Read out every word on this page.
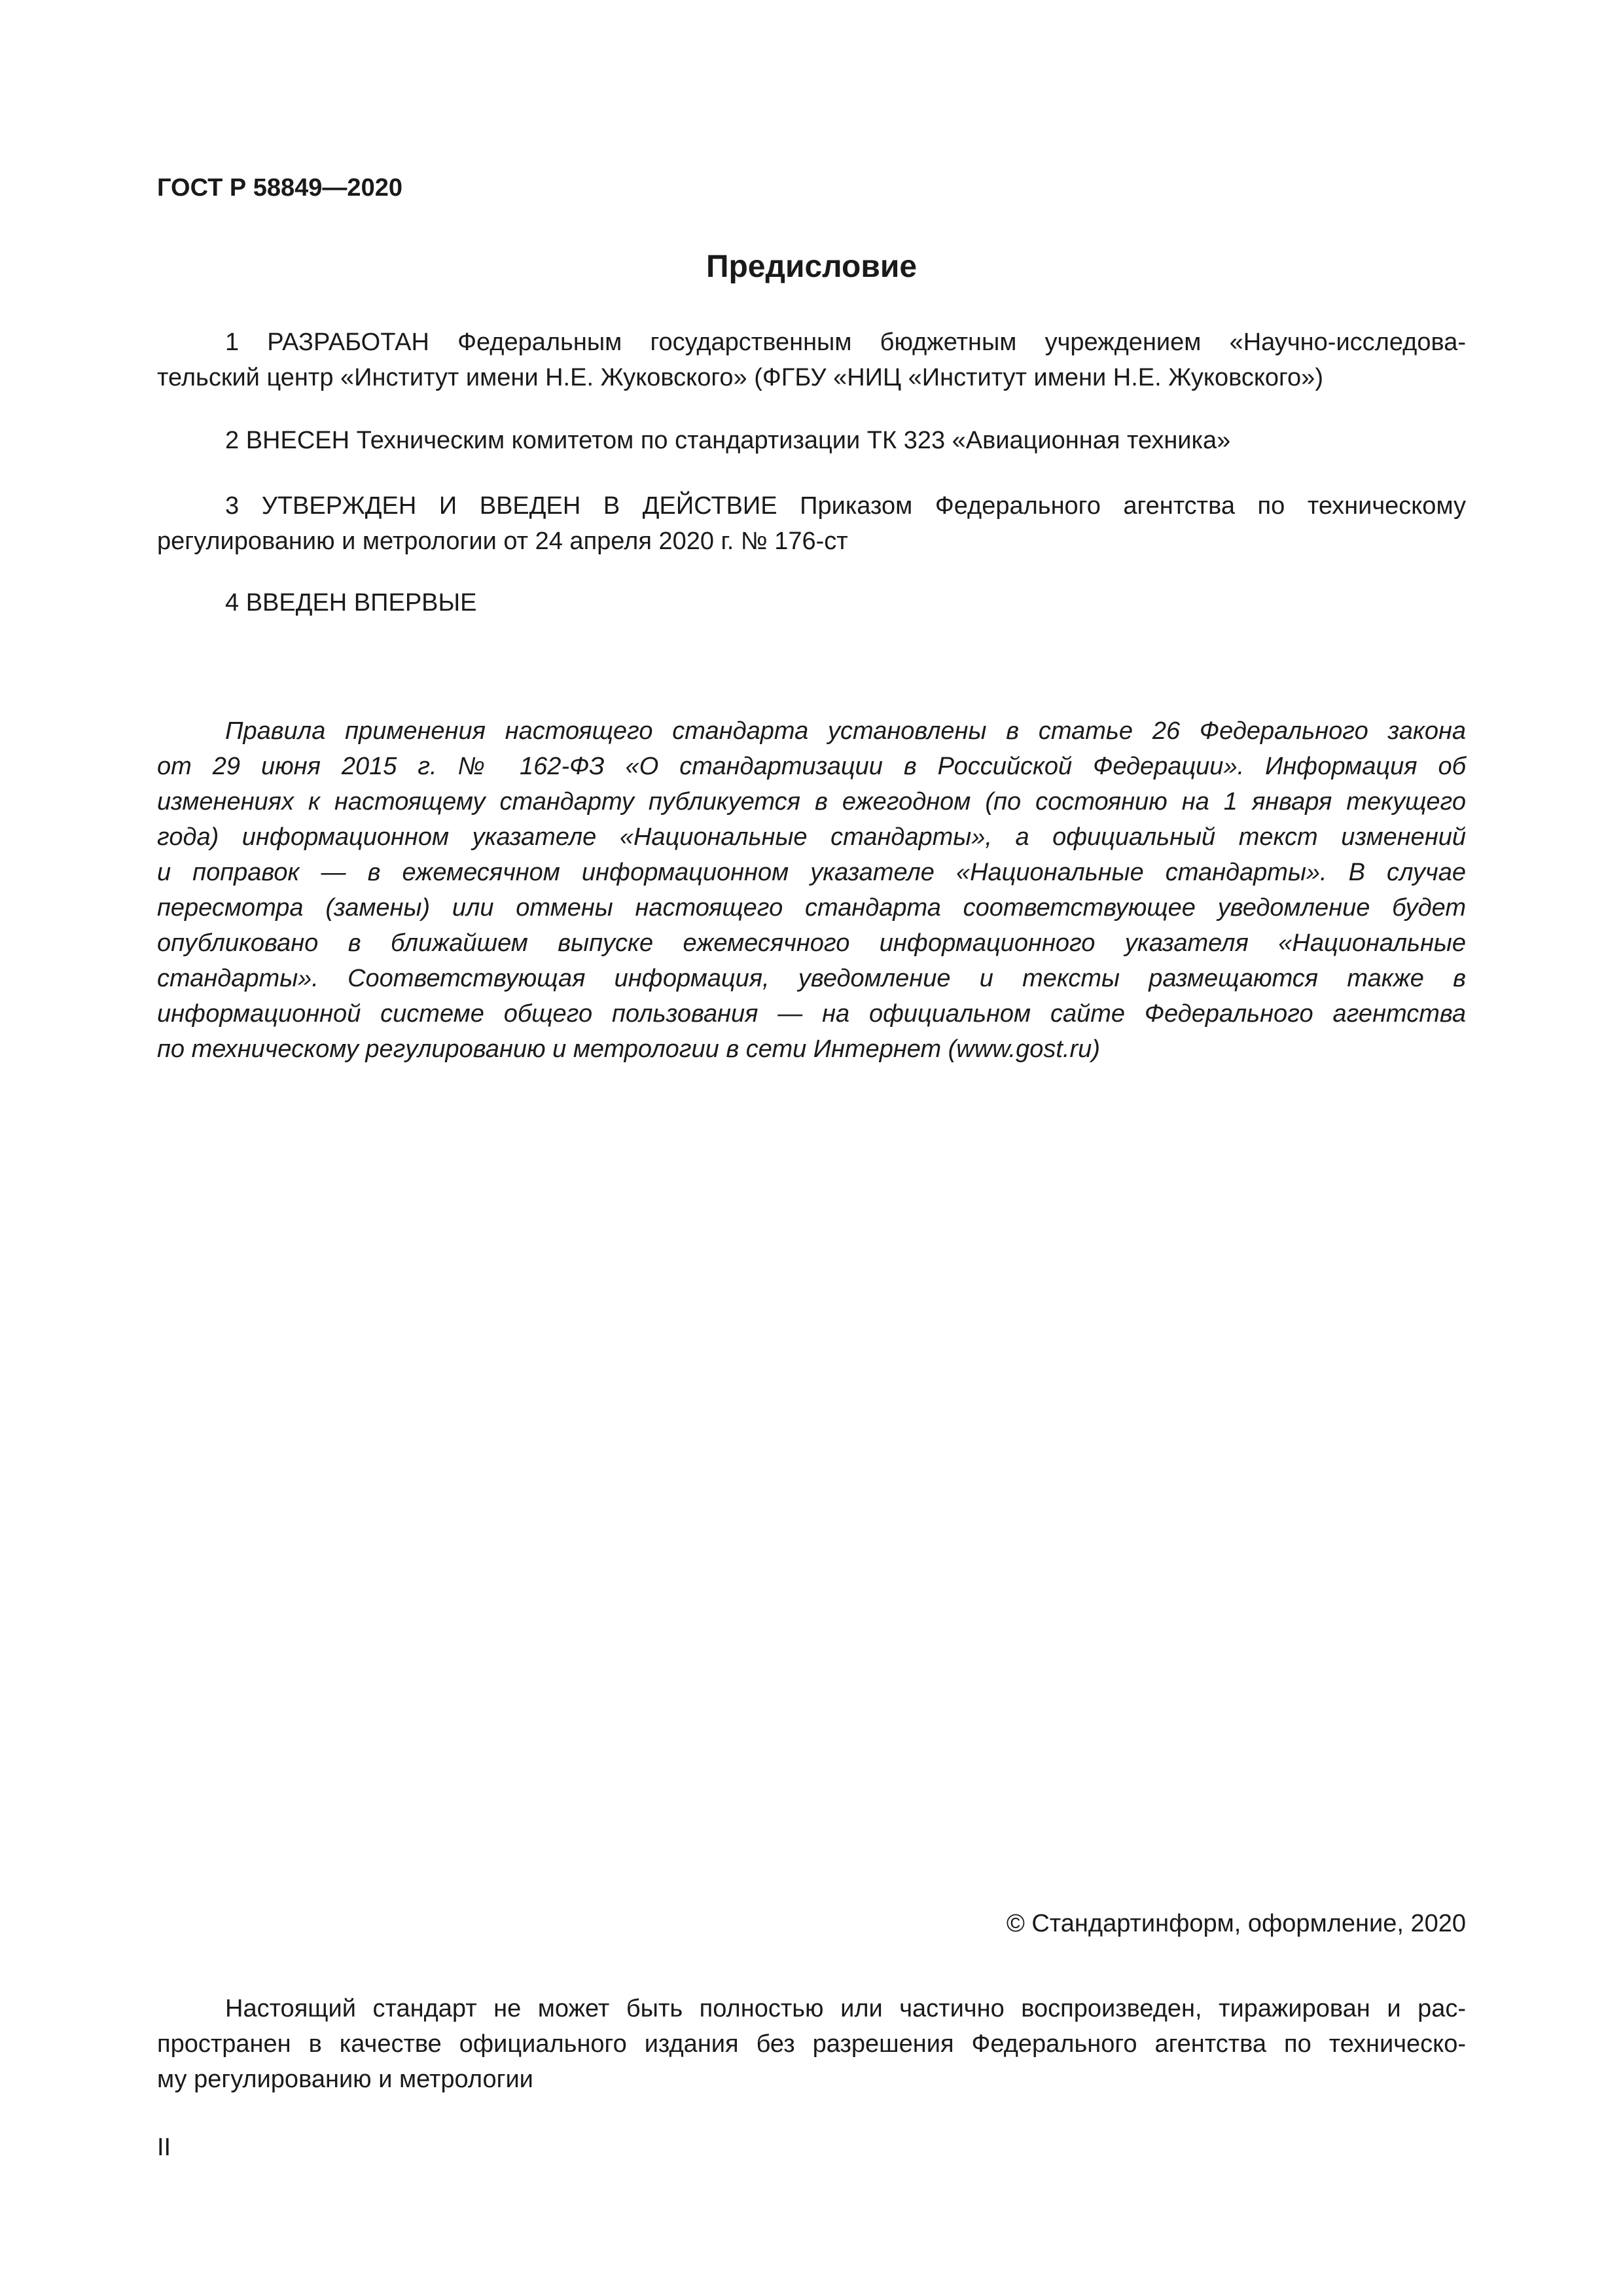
ГОСТ Р 58849—2020
Предисловие
1 РАЗРАБОТАН Федеральным государственным бюджетным учреждением «Научно-исследова-
тельский центр «Институт имени Н.Е. Жуковского» (ФГБУ «НИЦ «Институт имени Н.Е. Жуковского»)
2 ВНЕСЕН Техническим комитетом по стандартизации ТК 323 «Авиационная техника»
3 УТВЕРЖДЕН И ВВЕДЕН В ДЕЙСТВИЕ Приказом Федерального агентства по техническому
регулированию и метрологии от 24 апреля 2020 г. № 176-ст
4 ВВЕДЕН ВПЕРВЫЕ
Правила применения настоящего стандарта установлены в статье 26 Федерального закона
от 29 июня 2015 г. № 162-ФЗ «О стандартизации в Российской Федерации». Информация об
изменениях к настоящему стандарту публикуется в ежегодном (по состоянию на 1 января текущего
года) информационном указателе «Национальные стандарты», а официальный текст изменений
и поправок — в ежемесячном информационном указателе «Национальные стандарты». В случае
пересмотра (замены) или отмены настоящего стандарта соответствующее уведомление будет
опубликовано в ближайшем выпуске ежемесячного информационного указателя «Национальные
стандарты». Соответствующая информация, уведомление и тексты размещаются также в
информационной системе общего пользования — на официальном сайте Федерального агентства
по техническому регулированию и метрологии в сети Интернет (www.gost.ru)
© Стандартинформ, оформление, 2020
Настоящий стандарт не может быть полностью или частично воспроизведен, тиражирован и рас-
пространен в качестве официального издания без разрешения Федерального агентства по техническо-
му регулированию и метрологии
II
